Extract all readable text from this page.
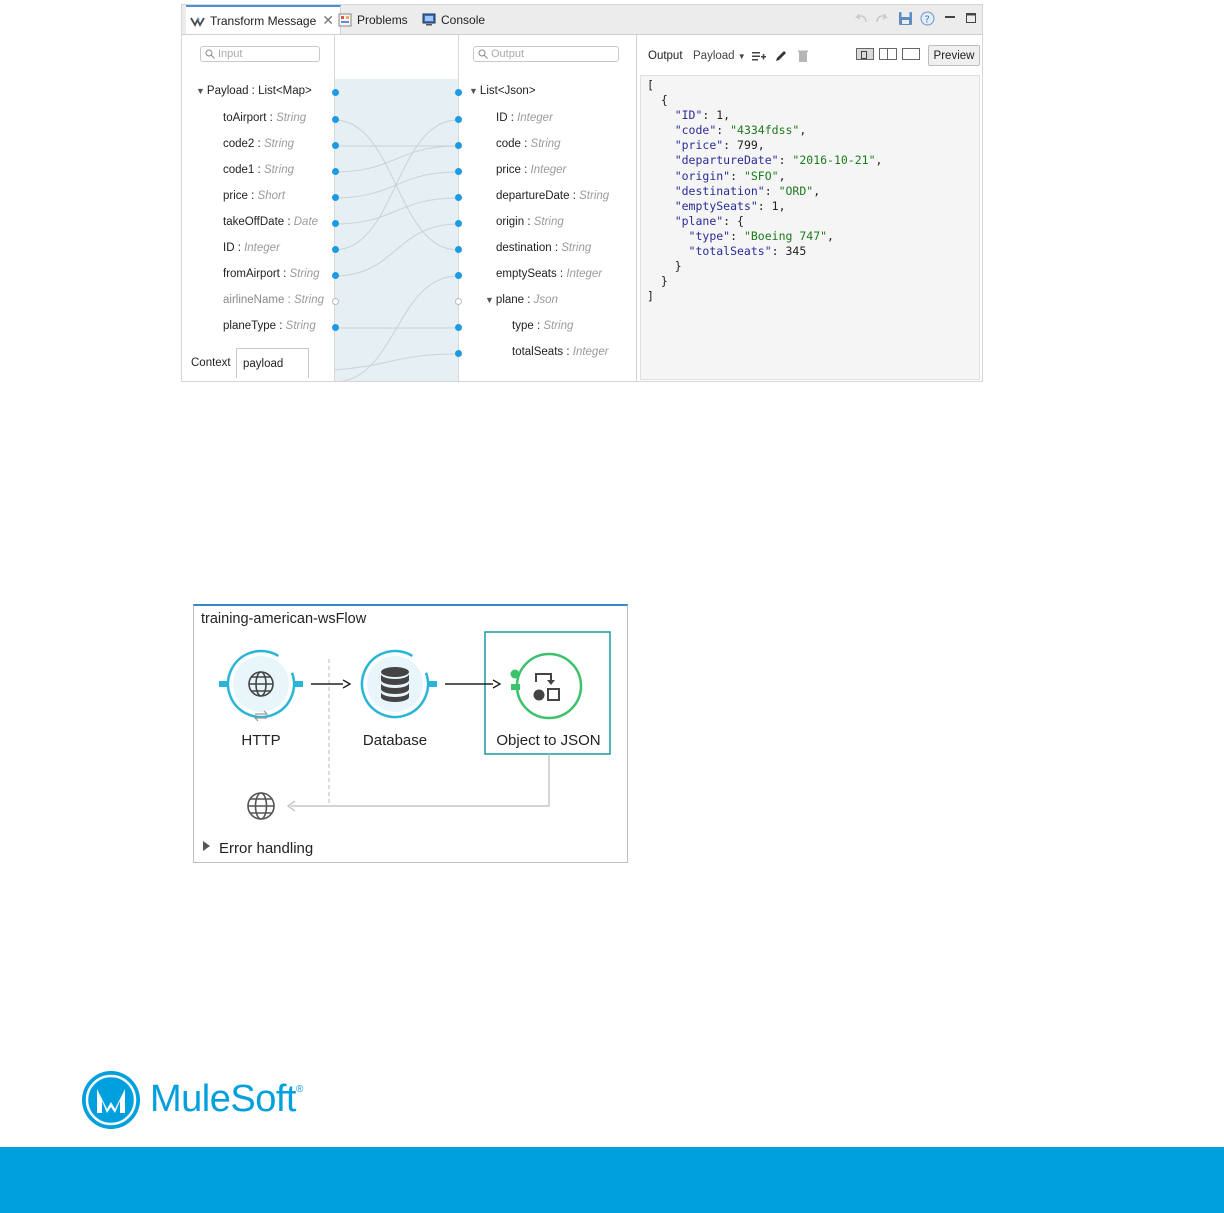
Transform Message ✕ Problems	Console	?
Input
▼ Payload : List<Map>
toAirport : String
code2 : String
code1 : String
price : Short
takeOffDate : Date
ID : Integer
fromAirport : String
airlineName : String
planeType : String
Output
▼ List<Json>
ID : Integer
code : String
price : Integer
departureDate : String
origin : String
destination : String
emptySeats : Integer
▼ plane : Json
type : String
totalSeats : Integer
Context payload
Output Payload ▼	Preview
[
{
"ID": 1,
"code": "4334fdss",
"price": 799,
"departureDate": "2016-10-21",
"origin": "SFO",
"destination": "ORD",
"emptySeats": 1,
"plane": {
"type": "Boeing 747",
"totalSeats": 345
}
}
]
training-american-wsFlow
HTTP	Database	Object to JSON
Error handling
MuleSoft®
